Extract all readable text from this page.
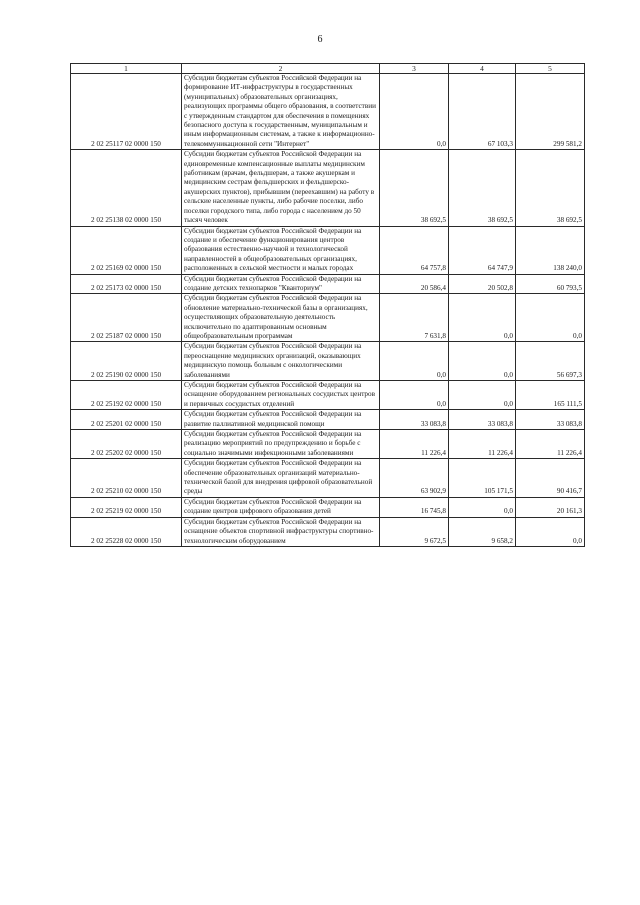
6
1	2	3	4	5
2 02 25117 02 0000 150	Субсидии бюджетам субъектов Российской Федерации на формирование ИТ-инфраструктуры в государственных (муниципальных) образовательных организациях, реализующих программы общего образования, в соответствии с утвержденным стандартом для обеспечения в помещениях безопасного доступа к государственным, муниципальным и иным информационным системам, а также к информационно-телекоммуникационной сети "Интернет"	0,0	67 103,3	299 581,2
2 02 25138 02 0000 150	Субсидии бюджетам субъектов Российской Федерации на единовременные компенсационные выплаты медицинским работникам (врачам, фельдшерам, а также акушеркам и медицинским сестрам фельдшерских и фельдшерско-акушерских пунктов), прибывшим (переехавшим) на работу в сельские населенные пункты, либо рабочие поселки, либо поселки городского типа, либо города с населением до 50 тысяч человек	38 692,5	38 692,5	38 692,5
2 02 25169 02 0000 150	Субсидии бюджетам субъектов Российской Федерации на создание и обеспечение функционирования центров образования естественно-научной и технологической направленностей в общеобразовательных организациях, расположенных в сельской местности и малых городах	64 757,8	64 747,9	138 240,0
2 02 25173 02 0000 150	Субсидии бюджетам субъектов Российской Федерации на создание детских технопарков "Кванториум"	20 586,4	20 502,8	60 793,5
2 02 25187 02 0000 150	Субсидии бюджетам субъектов Российской Федерации на обновление материально-технической базы в организациях, осуществляющих образовательную деятельность исключительно по адаптированным основным общеобразовательным программам	7 631,8	0,0	0,0
2 02 25190 02 0000 150	Субсидии бюджетам субъектов Российской Федерации на переоснащение медицинских организаций, оказывающих медицинскую помощь больным с онкологическими заболеваниями	0,0	0,0	56 697,3
2 02 25192 02 0000 150	Субсидии бюджетам субъектов Российской Федерации на оснащение оборудованием региональных сосудистых центров и первичных сосудистых отделений	0,0	0,0	165 111,5
2 02 25201 02 0000 150	Субсидии бюджетам субъектов Российской Федерации на развитие паллиативной медицинской помощи	33 083,8	33 083,8	33 083,8
2 02 25202 02 0000 150	Субсидии бюджетам субъектов Российской Федерации на реализацию мероприятий по предупреждению и борьбе с социально значимыми инфекционными заболеваниями	11 226,4	11 226,4	11 226,4
2 02 25210 02 0000 150	Субсидии бюджетам субъектов Российской Федерации на обеспечение образовательных организаций материально-технической базой для внедрения цифровой образовательной среды	63 902,9	105 171,5	90 416,7
2 02 25219 02 0000 150	Субсидии бюджетам субъектов Российской Федерации на создание центров цифрового образования детей	16 745,8	0,0	20 161,3
2 02 25228 02 0000 150	Субсидии бюджетам субъектов Российской Федерации на оснащение объектов спортивной инфраструктуры спортивно-технологическим оборудованием	9 672,5	9 658,2	0,0
